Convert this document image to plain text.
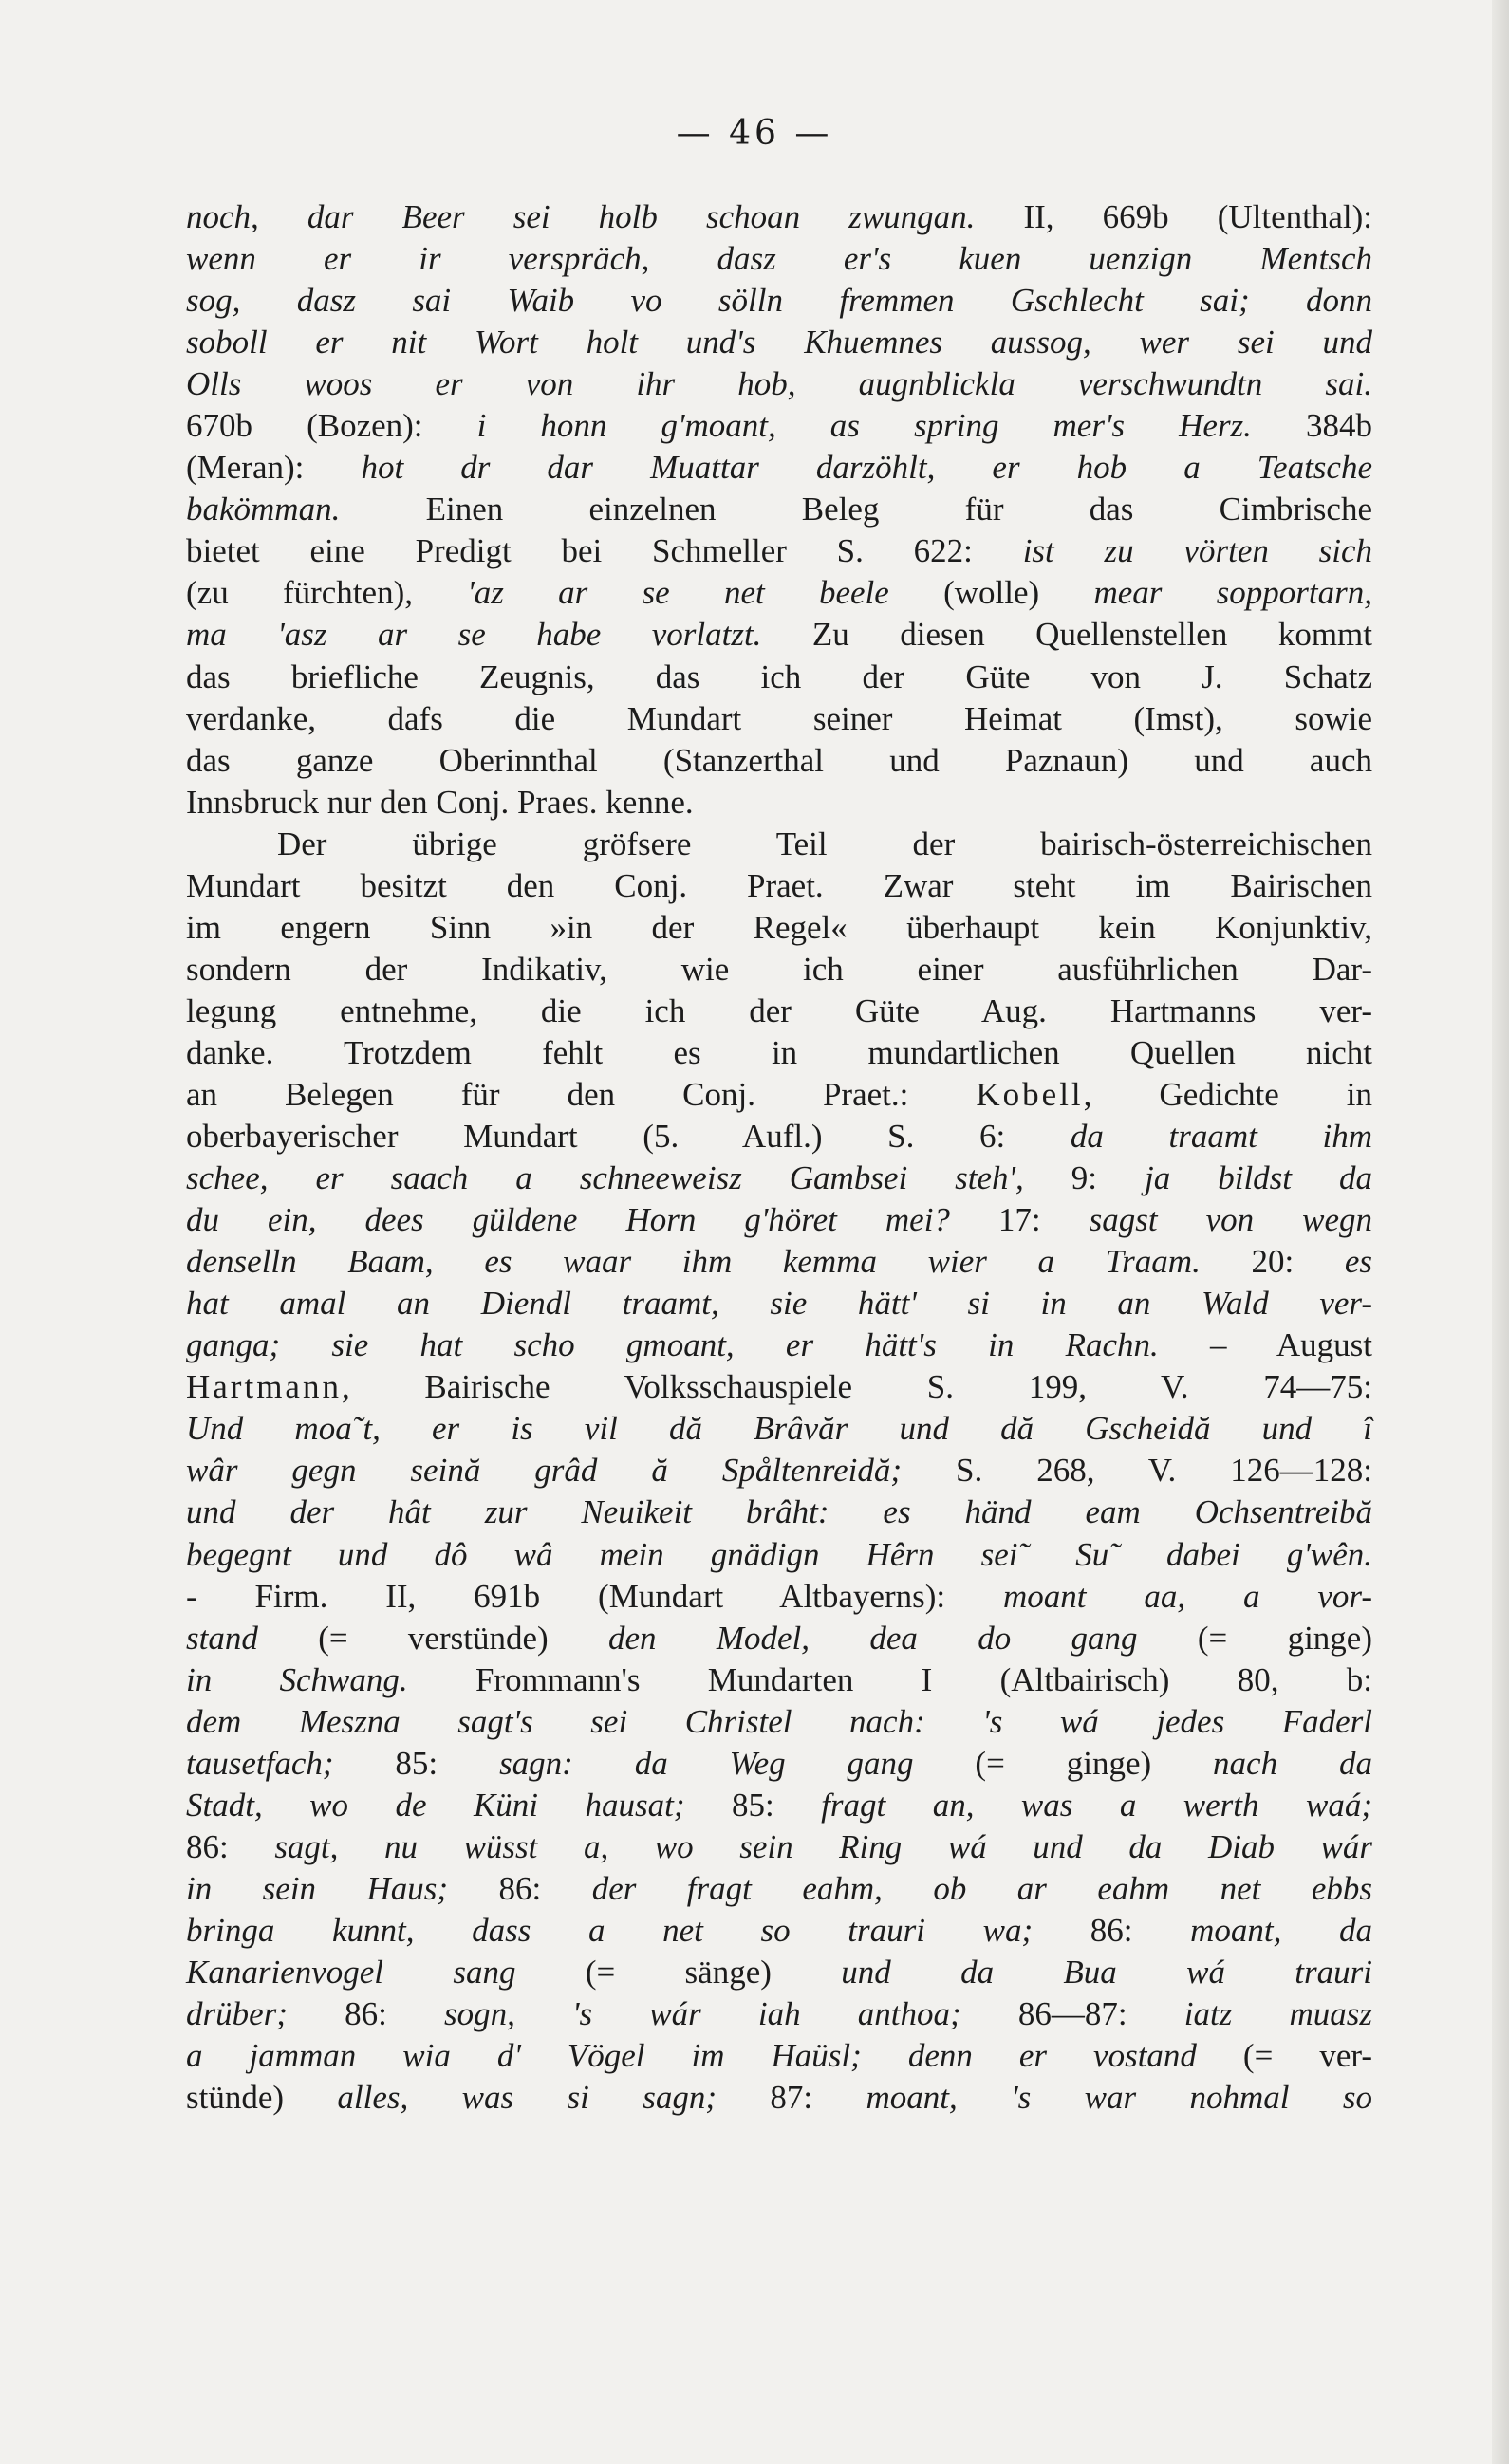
— 46 —
noch, dar Beer sei holb schoan zwungan. II, 669b (Ultenthal):
wenn er ir verspräch, dasz er's kuen uenzign Mentsch
sog, dasz sai Waib vo sölln fremmen Gschlecht sai; donn
soboll er nit Wort holt und's Khuemnes aussog, wer sei und
Olls woos er von ihr hob, augnblickla verschwundtn sai.
670b (Bozen): i honn g'moant, as spring mer's Herz. 384b
(Meran): hot dr dar Muattar darzöhlt, er hob a Teatsche
bakömman. Einen einzelnen Beleg für das Cimbrische
bietet eine Predigt bei Schmeller S. 622: ist zu vörten sich
(zu fürchten), 'az ar se net beele (wolle) mear sopportarn,
ma 'asz ar se habe vorlatzt. Zu diesen Quellenstellen kommt
das briefliche Zeugnis, das ich der Güte von J. Schatz
verdanke, dafs die Mundart seiner Heimat (Imst), sowie
das ganze Oberinnthal (Stanzerthal und Paznaun) und auch
Innsbruck nur den Conj. Praes. kenne.
Der übrige gröfsere Teil der bairisch-österreichischen
Mundart besitzt den Conj. Praet. Zwar steht im Bairischen
im engern Sinn »in der Regel« überhaupt kein Konjunktiv,
sondern der Indikativ, wie ich einer ausführlichen Dar-
legung entnehme, die ich der Güte Aug. Hartmanns ver-
danke. Trotzdem fehlt es in mundartlichen Quellen nicht
an Belegen für den Conj. Praet.: Kobell, Gedichte in
oberbayerischer Mundart (5. Aufl.) S. 6: da traamt ihm
schee, er saach a schneeweisz Gambsei steh', 9: ja bildst da
du ein, dees güldene Horn g'höret mei? 17: sagst von wegn
denselln Baam, es waar ihm kemma wier a Traam. 20: es
hat amal an Diendl traamt, sie hätt' si in an Wald ver-
ganga; sie hat scho gmoant, er hätt's in Rachn. – August
Hartmann, Bairische Volksschauspiele S. 199, V. 74—75:
Und moa˜t, er is vil dă Brâvăr und dă Gscheidă und î
wâr gegn seină grâd ă Spåltenreidă; S. 268, V. 126—128:
und der hât zur Neuikeit brâht: es händ eam Ochsentreibă
begegnt und dô wâ mein gnädign Hêrn sei˜ Su˜ dabei g'wên.
- Firm. II, 691b (Mundart Altbayerns): moant aa, a vor-
stand (= verstünde) den Model, dea do gang (= ginge)
in Schwang. Frommann's Mundarten I (Altbairisch) 80, b:
dem Meszna sagt's sei Christel nach: 's wá jedes Faderl
tausetfach; 85: sagn: da Weg gang (= ginge) nach da
Stadt, wo de Küni hausat; 85: fragt an, was a werth waá;
86: sagt, nu wüsst a, wo sein Ring wá und da Diab wár
in sein Haus; 86: der fragt eahm, ob ar eahm net ebbs
bringa kunnt, dass a net so trauri wa; 86: moant, da
Kanarienvogel sang (= sänge) und da Bua wá trauri
drüber; 86: sogn, 's wár iah anthoa; 86—87: iatz muasz
a jamman wia d' Vögel im Haüsl; denn er vostand (= ver-
stünde) alles, was si sagn; 87: moant, 's war nohmal so
